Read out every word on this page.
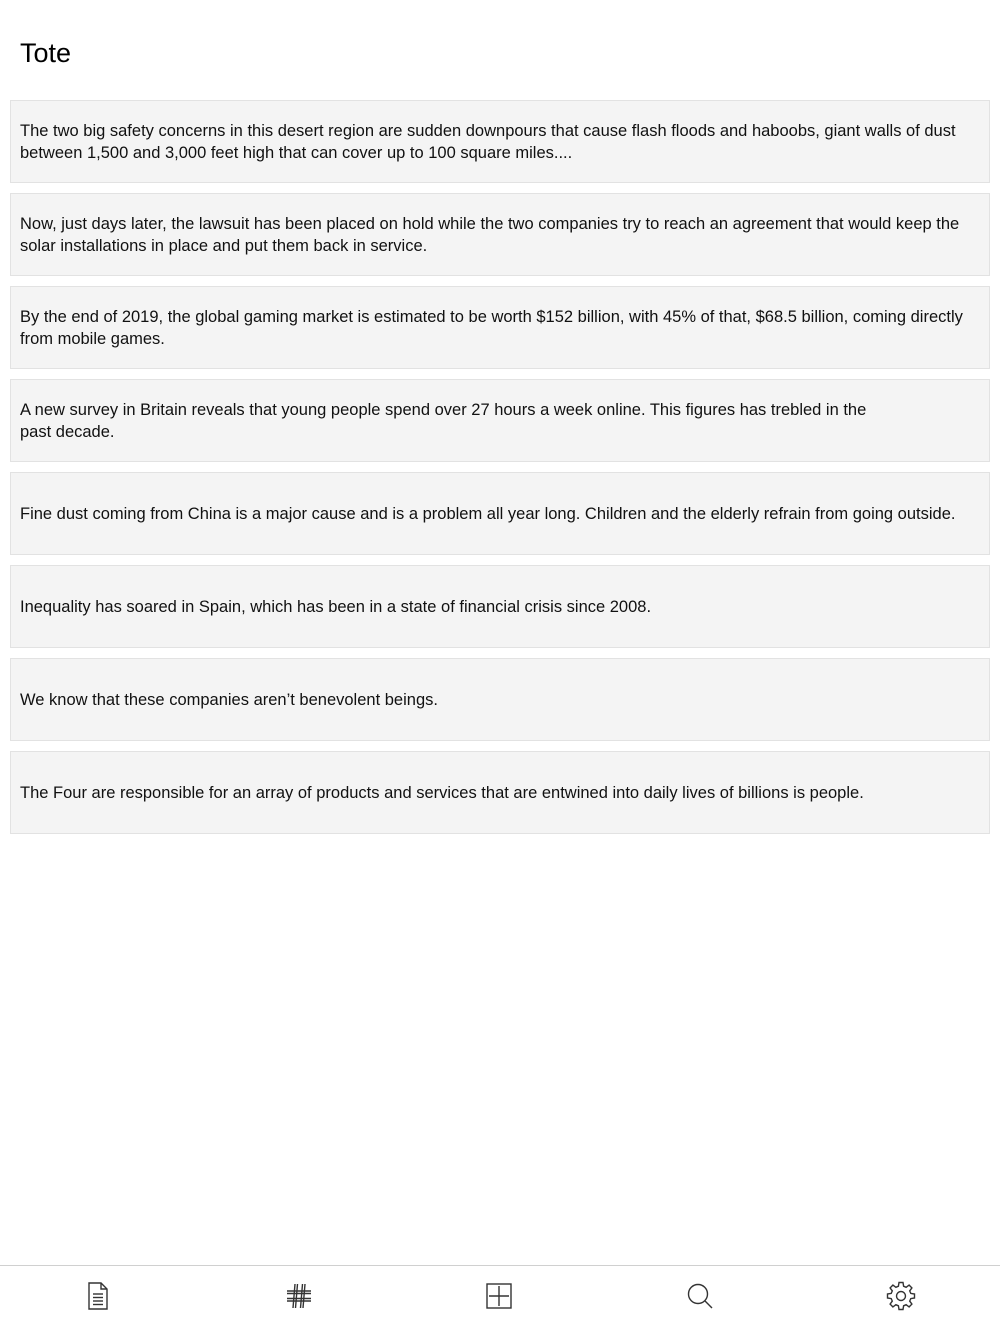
Tote

The two big safety concerns in this desert region are sudden downpours that cause flash floods and haboobs, giant walls of dust between 1,500 and 3,000 feet high that can cover up to 100 square miles....

Now, just days later, the lawsuit has been placed on hold while the two companies try to reach an agreement that would keep the solar installations in place and put them back in service.

By the end of 2019, the global gaming market is estimated to be worth $152 billion, with 45% of that, $68.5 billion, coming directly from mobile games.

A new survey in Britain reveals that young people spend over 27 hours a week online. This figures has trebled in the past decade.

Fine dust coming from China is a major cause and is a problem all year long. Children and the elderly refrain from going outside.

Inequality has soared in Spain, which has been in a state of financial crisis since 2008.

We know that these companies aren’t benevolent beings.

The Four are responsible for an array of products and services that are entwined into daily lives of billions is people.
